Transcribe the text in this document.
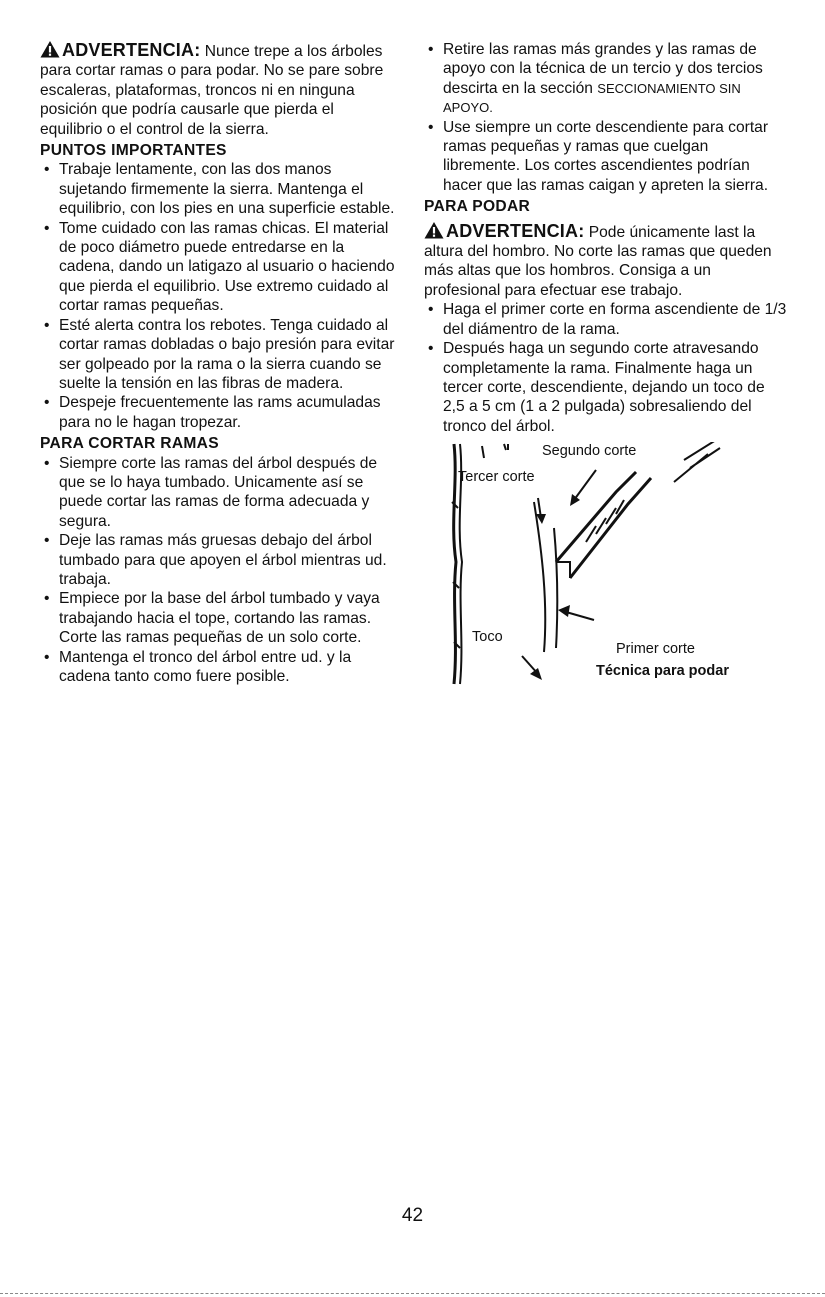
ADVERTENCIA: Nunce trepe a los árboles para cortar ramas o para podar. No se pare sobre escaleras, plataformas, troncos ni en ninguna posición que podría causarle que pierda el equilibrio o el control de la sierra.

PUNTOS IMPORTANTES
• Trabaje lentamente, con las dos manos sujetando firmemente la sierra. Mantenga el equilibrio, con los pies en una superficie estable.
• Tome cuidado con las ramas chicas. El material de poco diámetro puede entredarse en la cadena, dando un latigazo al usuario o haciendo que pierda el equilibrio. Use extremo cuidado al cortar ramas pequeñas.
• Esté alerta contra los rebotes. Tenga cuidado al cortar ramas dobladas o bajo presión para evitar ser golpeado por la rama o la sierra cuando se suelte la tensión en las fibras de madera.
• Despeje frecuentemente las rams acumuladas para no le hagan tropezar.
PARA CORTAR RAMAS
• Siempre corte las ramas del árbol después de que se lo haya tumbado. Unicamente así se puede cortar las ramas de forma adecuada y segura.
• Deje las ramas más gruesas debajo del árbol tumbado para que apoyen el árbol mientras ud. trabaja.
• Empiece por la base del árbol tumbado y vaya trabajando hacia el tope, cortando las ramas. Corte las ramas pequeñas de un solo corte.
• Mantenga el tronco del árbol entre ud. y la cadena tanto como fuere posible.
• Retire las ramas más grandes y las ramas de apoyo con la técnica de un tercio y dos tercios descirta en la sección SECCIONAMIENTO SIN APOYO.
• Use siempre un corte descendiente para cortar ramas pequeñas y ramas que cuelgan libremente. Los cortes ascendientes podrían hacer que las ramas caigan y apreten la sierra.
PARA PODAR

ADVERTENCIA: Pode únicamente last la altura del hombro. No corte las ramas que queden más altas que los hombros. Consiga a un profesional para efectuar ese trabajo.

• Haga el primer corte en forma ascendiente de 1/3 del diámentro de la rama.
• Después haga un segundo corte atravesando completamente la rama. Finalmente haga un tercer corte, descendiente, dejando un toco de 2,5 a 5 cm (1 a 2 pulgada) sobresaliendo del tronco del árbol.
Segundo corte
Tercer corte
Toco
Primer corte
Técnica para podar
42
